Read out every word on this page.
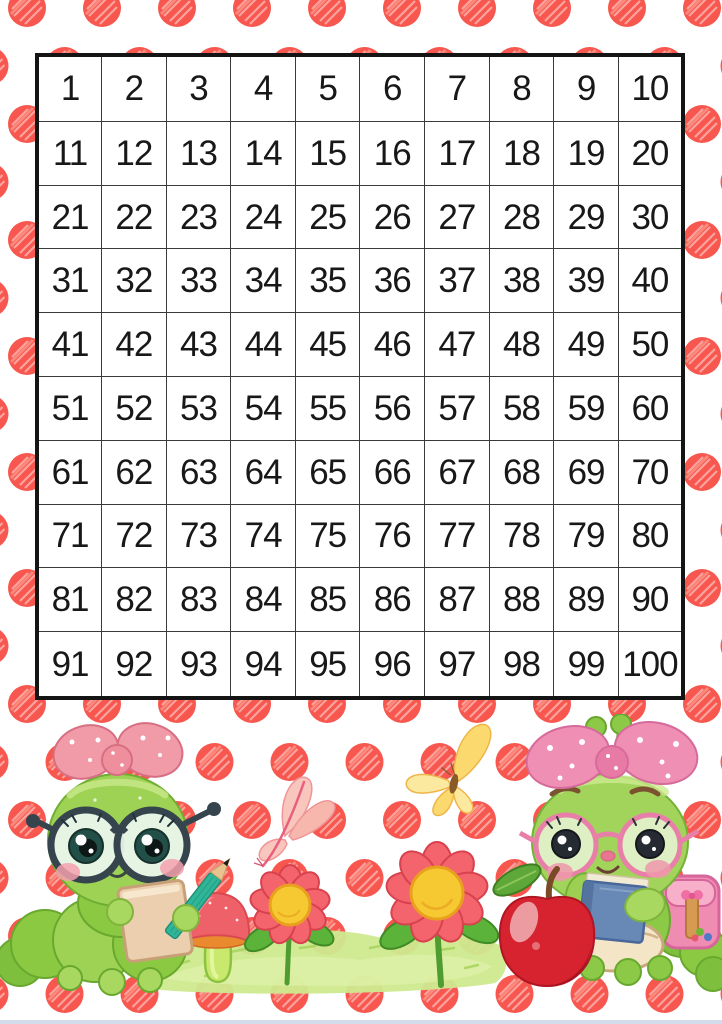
1	2	3	4	5	6	7	8	9	10
11	12	13	14	15	16	17	18	19	20
21	22	23	24	25	26	27	28	29	30
31	32	33	34	35	36	37	38	39	40
41	42	43	44	45	46	47	48	49	50
51	52	53	54	55	56	57	58	59	60
61	62	63	64	65	66	67	68	69	70
71	72	73	74	75	76	77	78	79	80
81	82	83	84	85	86	87	88	89	90
91	92	93	94	95	96	97	98	99	100
